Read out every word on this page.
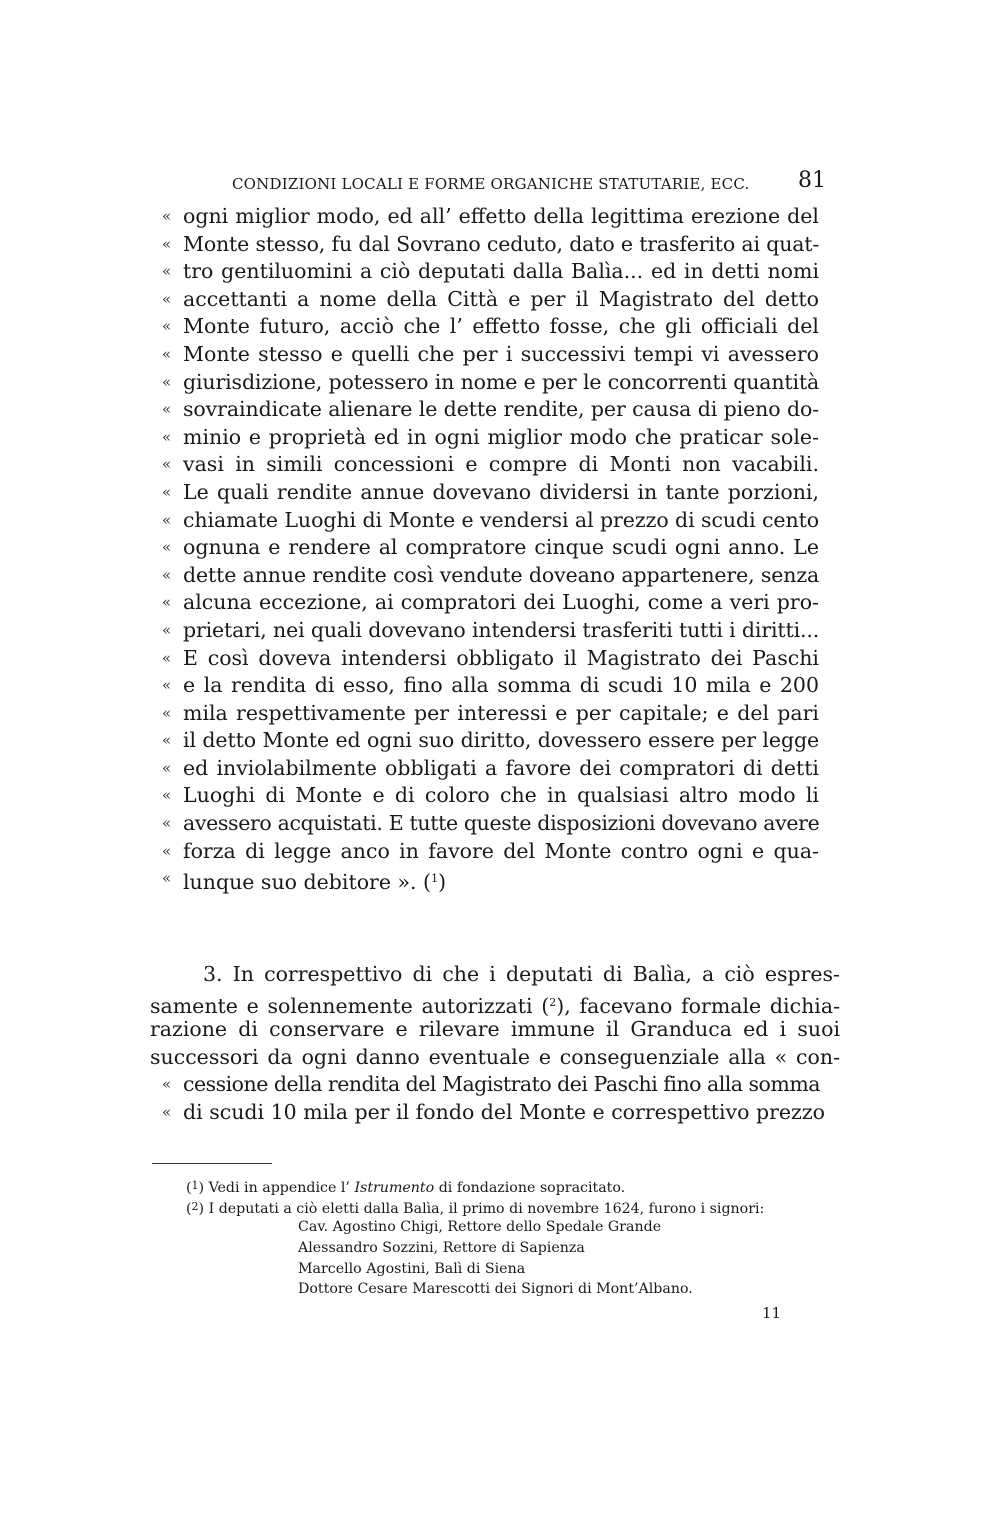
CONDIZIONI LOCALI E FORME ORGANICHE STATUTARIE, ECC. 81
« ogni miglior modo, ed all’ effetto della legittima erezione del
« Monte stesso, fu dal Sovrano ceduto, dato e trasferito ai quat-
« tro gentiluomini a ciò deputati dalla Balìa... ed in detti nomi
« accettanti a nome della Città e per il Magistrato del detto
« Monte futuro, acciò che l’ effetto fosse, che gli officiali del
« Monte stesso e quelli che per i successivi tempi vi avessero
« giurisdizione, potessero in nome e per le concorrenti quantità
« sovraindicate alienare le dette rendite, per causa di pieno do-
« minio e proprietà ed in ogni miglior modo che praticar sole-
« vasi in simili concessioni e compre di Monti non vacabili.
« Le quali rendite annue dovevano dividersi in tante porzioni,
« chiamate Luoghi di Monte e vendersi al prezzo di scudi cento
« ognuna e rendere al compratore cinque scudi ogni anno. Le
« dette annue rendite così vendute doveano appartenere, senza
« alcuna eccezione, ai compratori dei Luoghi, come a veri pro-
« prietari, nei quali dovevano intendersi trasferiti tutti i diritti...
« E così doveva intendersi obbligato il Magistrato dei Paschi
« e la rendita di esso, fino alla somma di scudi 10 mila e 200
« mila respettivamente per interessi e per capitale; e del pari
« il detto Monte ed ogni suo diritto, dovessero essere per legge
« ed inviolabilmente obbligati a favore dei compratori di detti
« Luoghi di Monte e di coloro che in qualsiasi altro modo li
« avessero acquistati. E tutte queste disposizioni dovevano avere
« forza di legge anco in favore del Monte contro ogni e qua-
« lunque suo debitore ». ($^1$)
3. In correspettivo di che i deputati di Balìa, a ciò espres-
samente e solennemente autorizzati ($^2$), facevano formale dichia-
razione di conservare e rilevare immune il Granduca ed i suoi
successori da ogni danno eventuale e conseguenziale alla « con-
« cessione della rendita del Magistrato dei Paschi fino alla somma
« di scudi 10 mila per il fondo del Monte e correspettivo prezzo
($^1$) Vedi in appendice l’ Istrumento di fondazione sopracitato.
($^2$) I deputati a ciò eletti dalla Balìa, il primo di novembre 1624, furono i signori:
Cav. Agostino Chigi, Rettore dello Spedale Grande
Alessandro Sozzini, Rettore di Sapienza
Marcello Agostini, Balì di Siena
Dottore Cesare Marescotti dei Signori di Mont’Albano.
11
